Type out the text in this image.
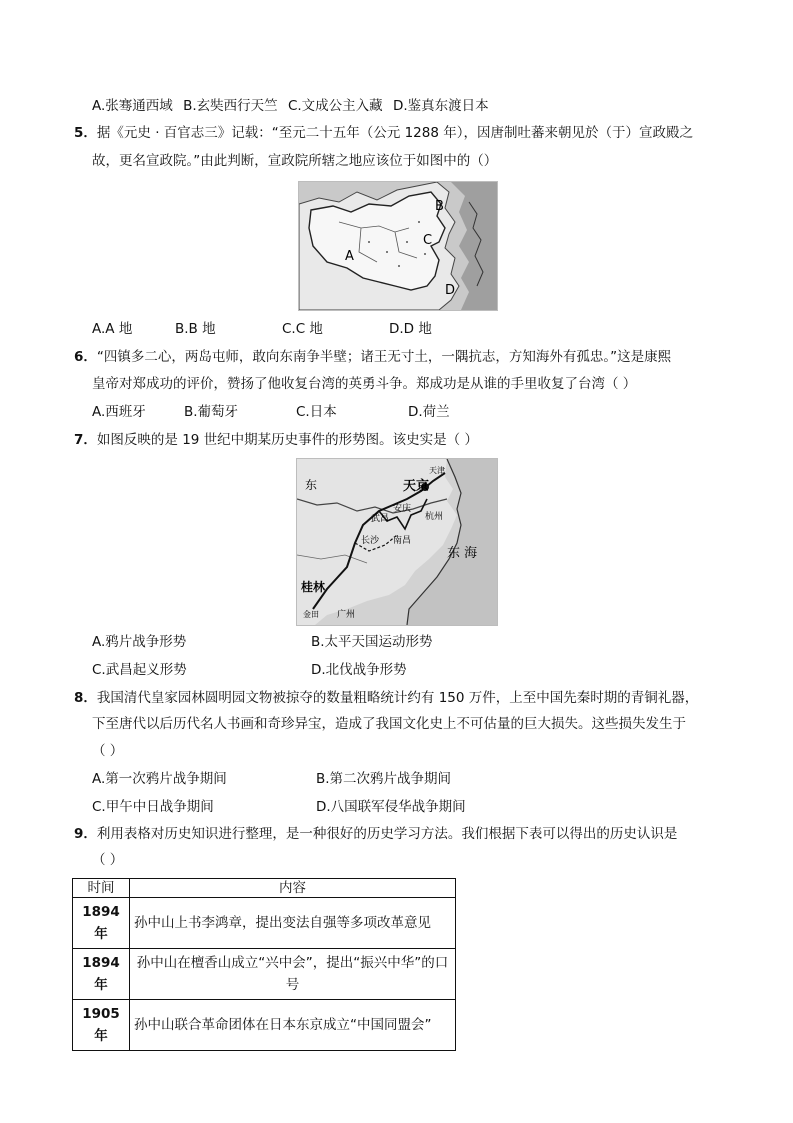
A.张骞通西域 B.玄奘西行天竺 C.文成公主入藏 D.鉴真东渡日本
5．据《元史 · 百官志三》记载：“至元二十五年（公元 1288 年），因唐制吐蕃来朝见於（于）宣政殿之
故，更名宣政院。”由此判断，宣政院所辖之地应该位于如图中的（）
B
A
C
D
A.A 地	B.B 地	C.C 地	D.D 地
6．“四镇多二心，两岛屯师，敢向东南争半壁；诸王无寸土，一隅抗志，方知海外有孤忠。”这是康熙
皇帝对郑成功的评价，赞扬了他收复台湾的英勇斗争。郑成功是从谁的手里收复了台湾（ ）
A.西班牙	B.葡萄牙	C.日本	D.荷兰
7．如图反映的是 19 世纪中期某历史事件的形势图。该史实是（ ）
东	天京
天津
杭州
武昌
安庆
长沙 南昌
东 海
桂林
金田 广州
A.鸦片战争形势	B.太平天国运动形势
C.武昌起义形势	D.北伐战争形势
8．我国清代皇家园林圆明园文物被掠夺的数量粗略统计约有 150 万件，上至中国先秦时期的青铜礼器，
下至唐代以后历代名人书画和奇珍异宝，造成了我国文化史上不可估量的巨大损失。这些损失发生于
（ ）
A.第一次鸦片战争期间	B.第二次鸦片战争期间
C.甲午中日战争期间	D.八国联军侵华战争期间
9．利用表格对历史知识进行整理，是一种很好的历史学习方法。我们根据下表可以得出的历史认识是
（ ）
时间	内容
1894 年	孙中山上书李鸿章，提出变法自强等多项改革意见
1894 年	孙中山在檀香山成立“兴中会”，提出“振兴中华”的口号
1905 年	孙中山联合革命团体在日本东京成立“中国同盟会”
